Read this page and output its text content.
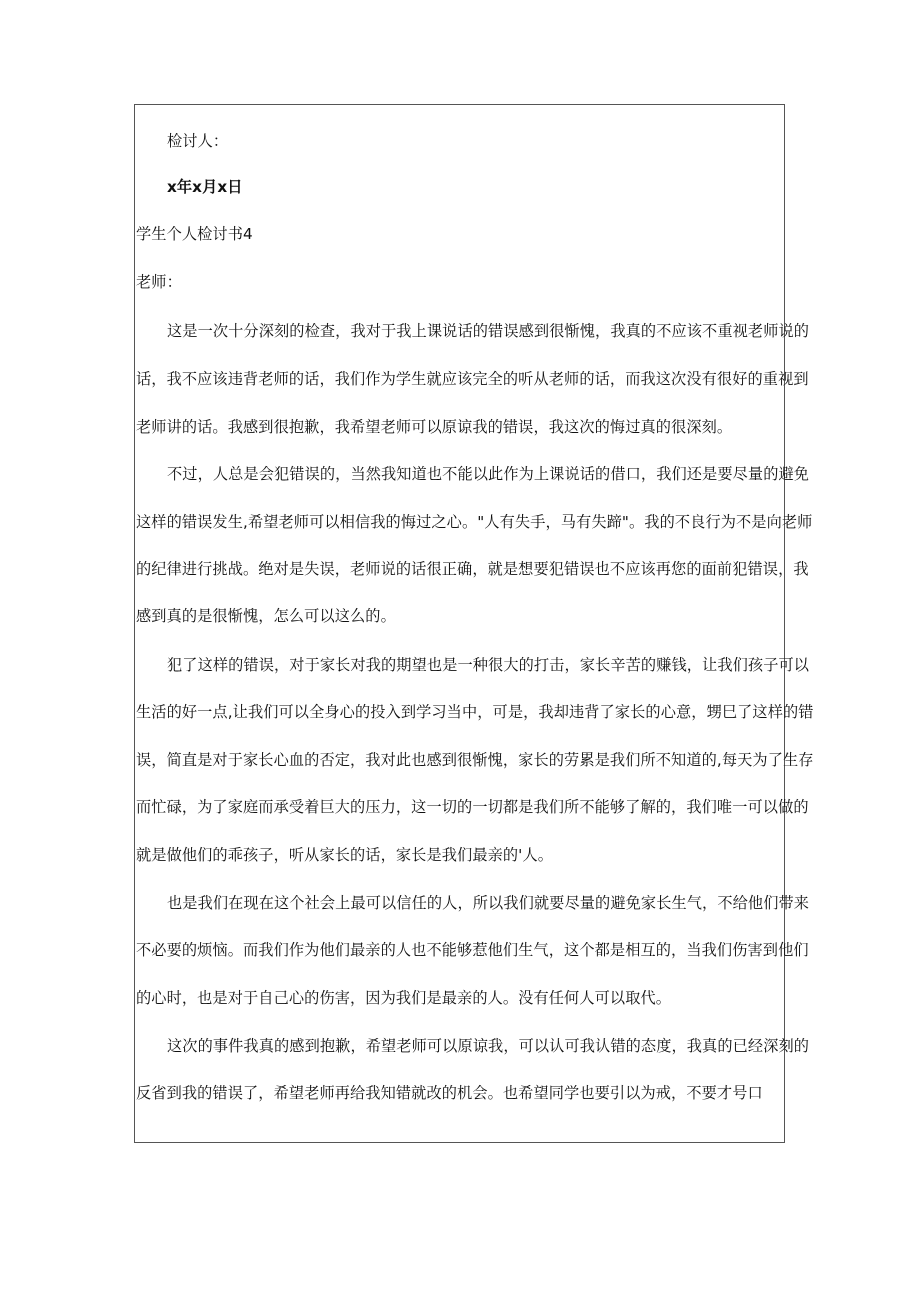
检讨人：
x年x月x日
学生个人检讨书4
老师：
这是一次十分深刻的检查，我对于我上课说话的错误感到很惭愧，我真的不应该不重视老师说的
话，我不应该违背老师的话，我们作为学生就应该完全的听从老师的话，而我这次没有很好的重视到
老师讲的话。我感到很抱歉，我希望老师可以原谅我的错误，我这次的悔过真的很深刻。
不过，人总是会犯错误的，当然我知道也不能以此作为上课说话的借口，我们还是要尽量的避免
这样的错误发生,希望老师可以相信我的悔过之心。"人有失手，马有失蹄"。我的不良行为不是向老师
的纪律进行挑战。绝对是失误，老师说的话很正确，就是想要犯错误也不应该再您的面前犯错误，我
感到真的是很惭愧，怎么可以这么的。
犯了这样的错误，对于家长对我的期望也是一种很大的打击，家长辛苦的赚钱，让我们孩子可以
生活的好一点,让我们可以全身心的投入到学习当中，可是，我却违背了家长的心意，甥巳了这样的错
误，简直是对于家长心血的否定，我对此也感到很惭愧，家长的劳累是我们所不知道的,每天为了生存
而忙碌，为了家庭而承受着巨大的压力，这一切的一切都是我们所不能够了解的，我们唯一可以做的
就是做他们的乖孩子，听从家长的话，家长是我们最亲的'人。
也是我们在现在这个社会上最可以信任的人，所以我们就要尽量的避免家长生气，不给他们带来
不必要的烦恼。而我们作为他们最亲的人也不能够惹他们生气，这个都是相互的，当我们伤害到他们
的心时，也是对于自己心的伤害，因为我们是最亲的人。没有任何人可以取代。
这次的事件我真的感到抱歉，希望老师可以原谅我，可以认可我认错的态度，我真的已经深刻的
反省到我的错误了，希望老师再给我知错就改的机会。也希望同学也要引以为戒，不要才号口
